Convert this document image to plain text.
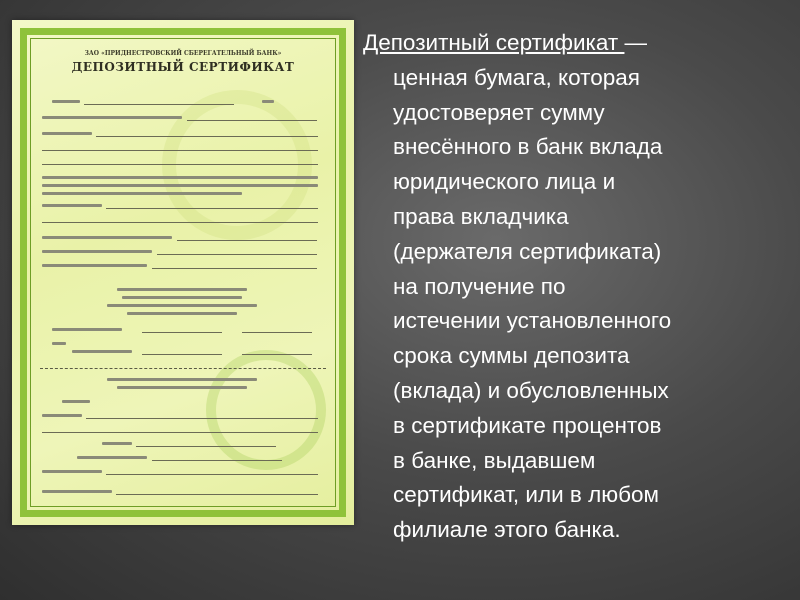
ЗАО «ПРИДНЕСТРОВСКИЙ СБЕРЕГАТЕЛЬНЫЙ БАНК»
ДЕПОЗИТНЫЙ СЕРТИФИКАТ
Депозитный сертификат —
ценная бумага, которая
удостоверяет сумму
внесённого в банк вклада
юридического лица и
права вкладчика
(держателя сертификата)
на получение по
истечении установленного
срока суммы депозита
(вклада) и обусловленных
в сертификате процентов
в банке, выдавшем
сертификат, или в любом
филиале этого банка.
